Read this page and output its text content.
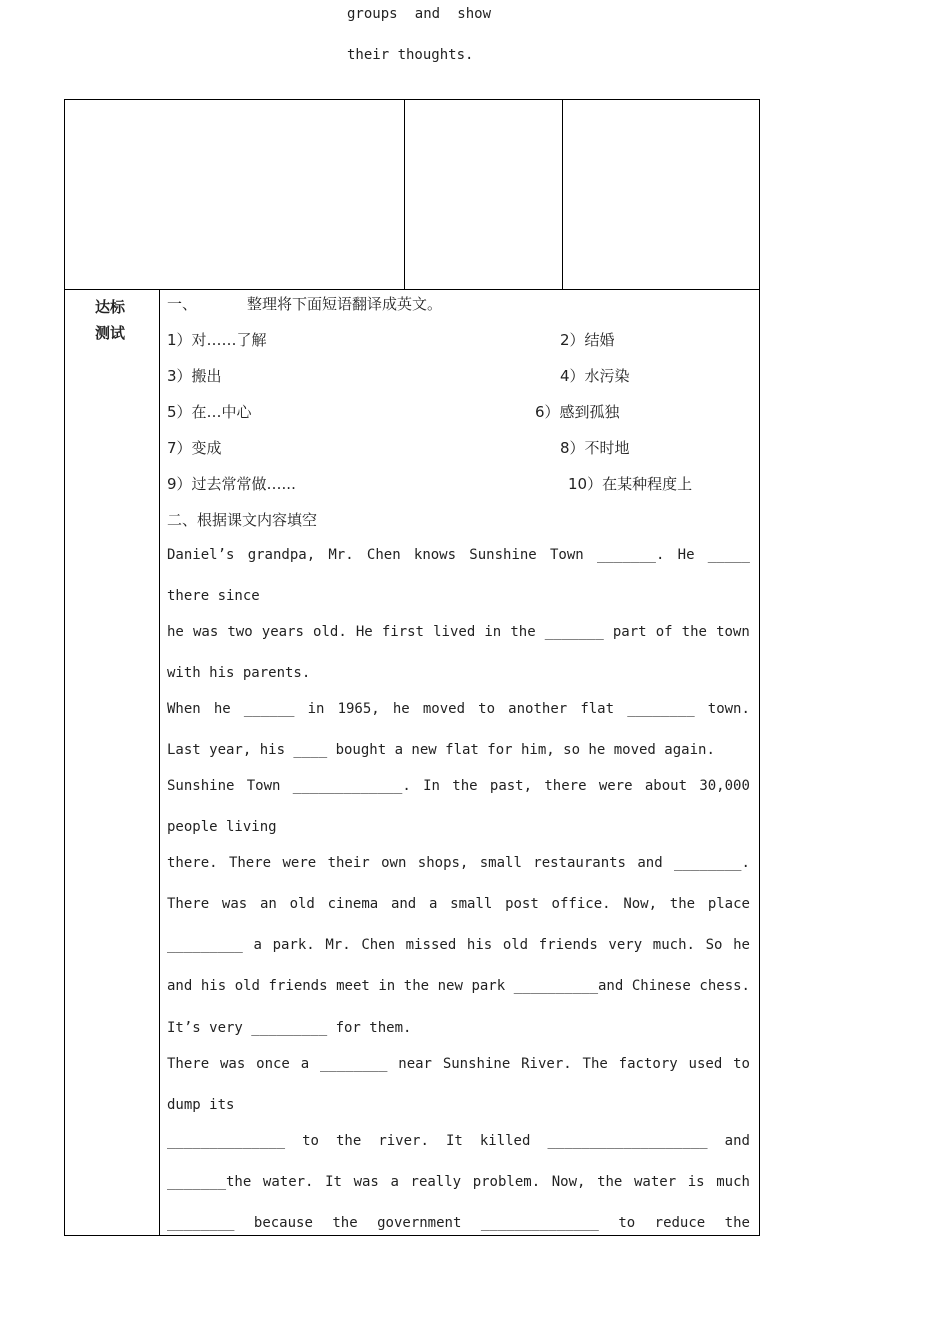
groups and show
their thoughts.
达标
测试
一、	整理将下面短语翻译成英文。
1）对……了解	2）结婚
3）搬出	4）水污染
5）在…中心	6）感到孤独
7）变成	8）不时地
9）过去常常做…...	10）在某种程度上
二、根据课文内容填空
Daniel’s grandpa, Mr. Chen knows Sunshine Town _______. He _____
there since
he was two years old. He first lived in the _______ part of the town
with his parents.
When he ______ in 1965, he moved to another flat ________ town.
Last year, his ____ bought a new flat for him, so he moved again.
Sunshine Town _____________. In the past, there were about 30,000
people living
there. There were their own shops, small restaurants and ________.
There was an old cinema and a small post office. Now, the place
_________ a park. Mr. Chen missed his old friends very much. So he
and his old friends meet in the new park __________and Chinese chess.
It’s very _________ for them.
There was once a ________ near Sunshine River. The factory used to
dump its
______________ to the river. It killed ___________________ and
_______the water. It was a really problem. Now, the water is much
________ because the government ______________ to reduce the
